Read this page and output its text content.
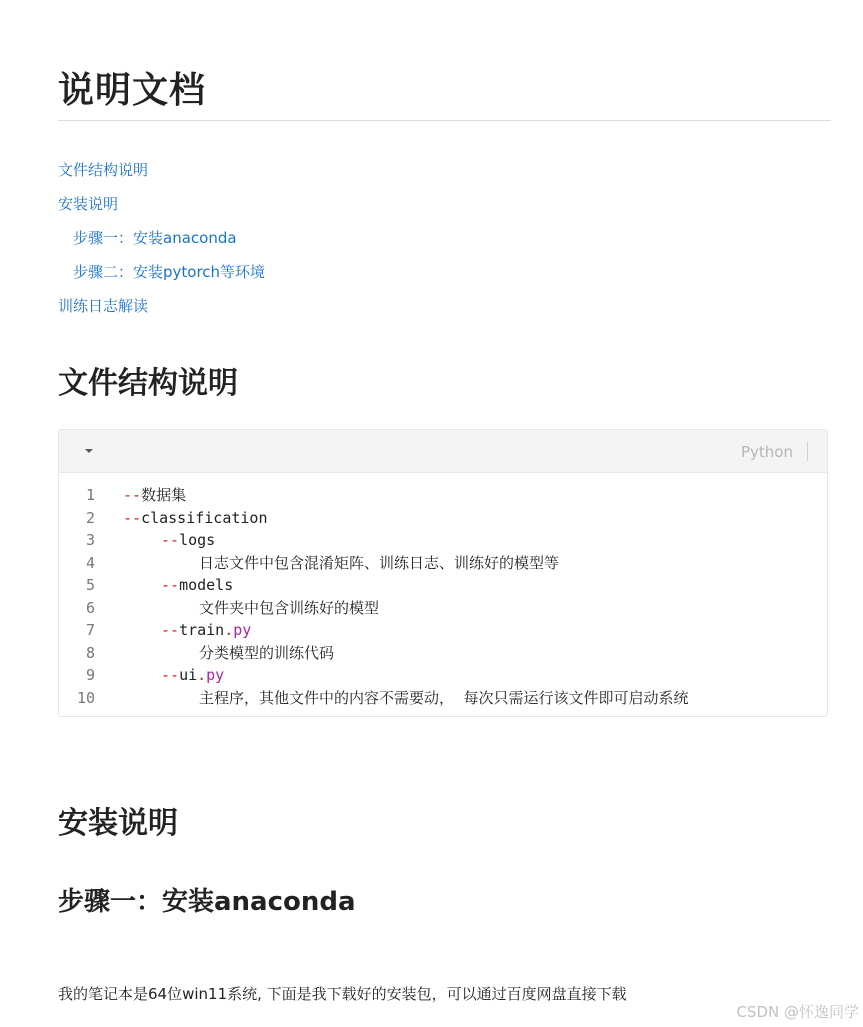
说明文档
文件结构说明
安装说明
步骤一：安装anaconda
步骤二：安装pytorch等环境
训练日志解读
文件结构说明
Python
1 --数据集
2 --classification
3	--logs
4	日志文件中包含混淆矩阵、训练日志、训练好的模型等
5	--models
6	文件夹中包含训练好的模型
7	--train.py
8	分类模型的训练代码
9	--ui.py
10	主程序，其他文件中的内容不需要动，  每次只需运行该文件即可启动系统
安装说明
步骤一：安装anaconda

我的笔记本是64位win11系统, 下面是我下载好的安装包，可以通过百度网盘直接下载

CSDN @怀逸同学
